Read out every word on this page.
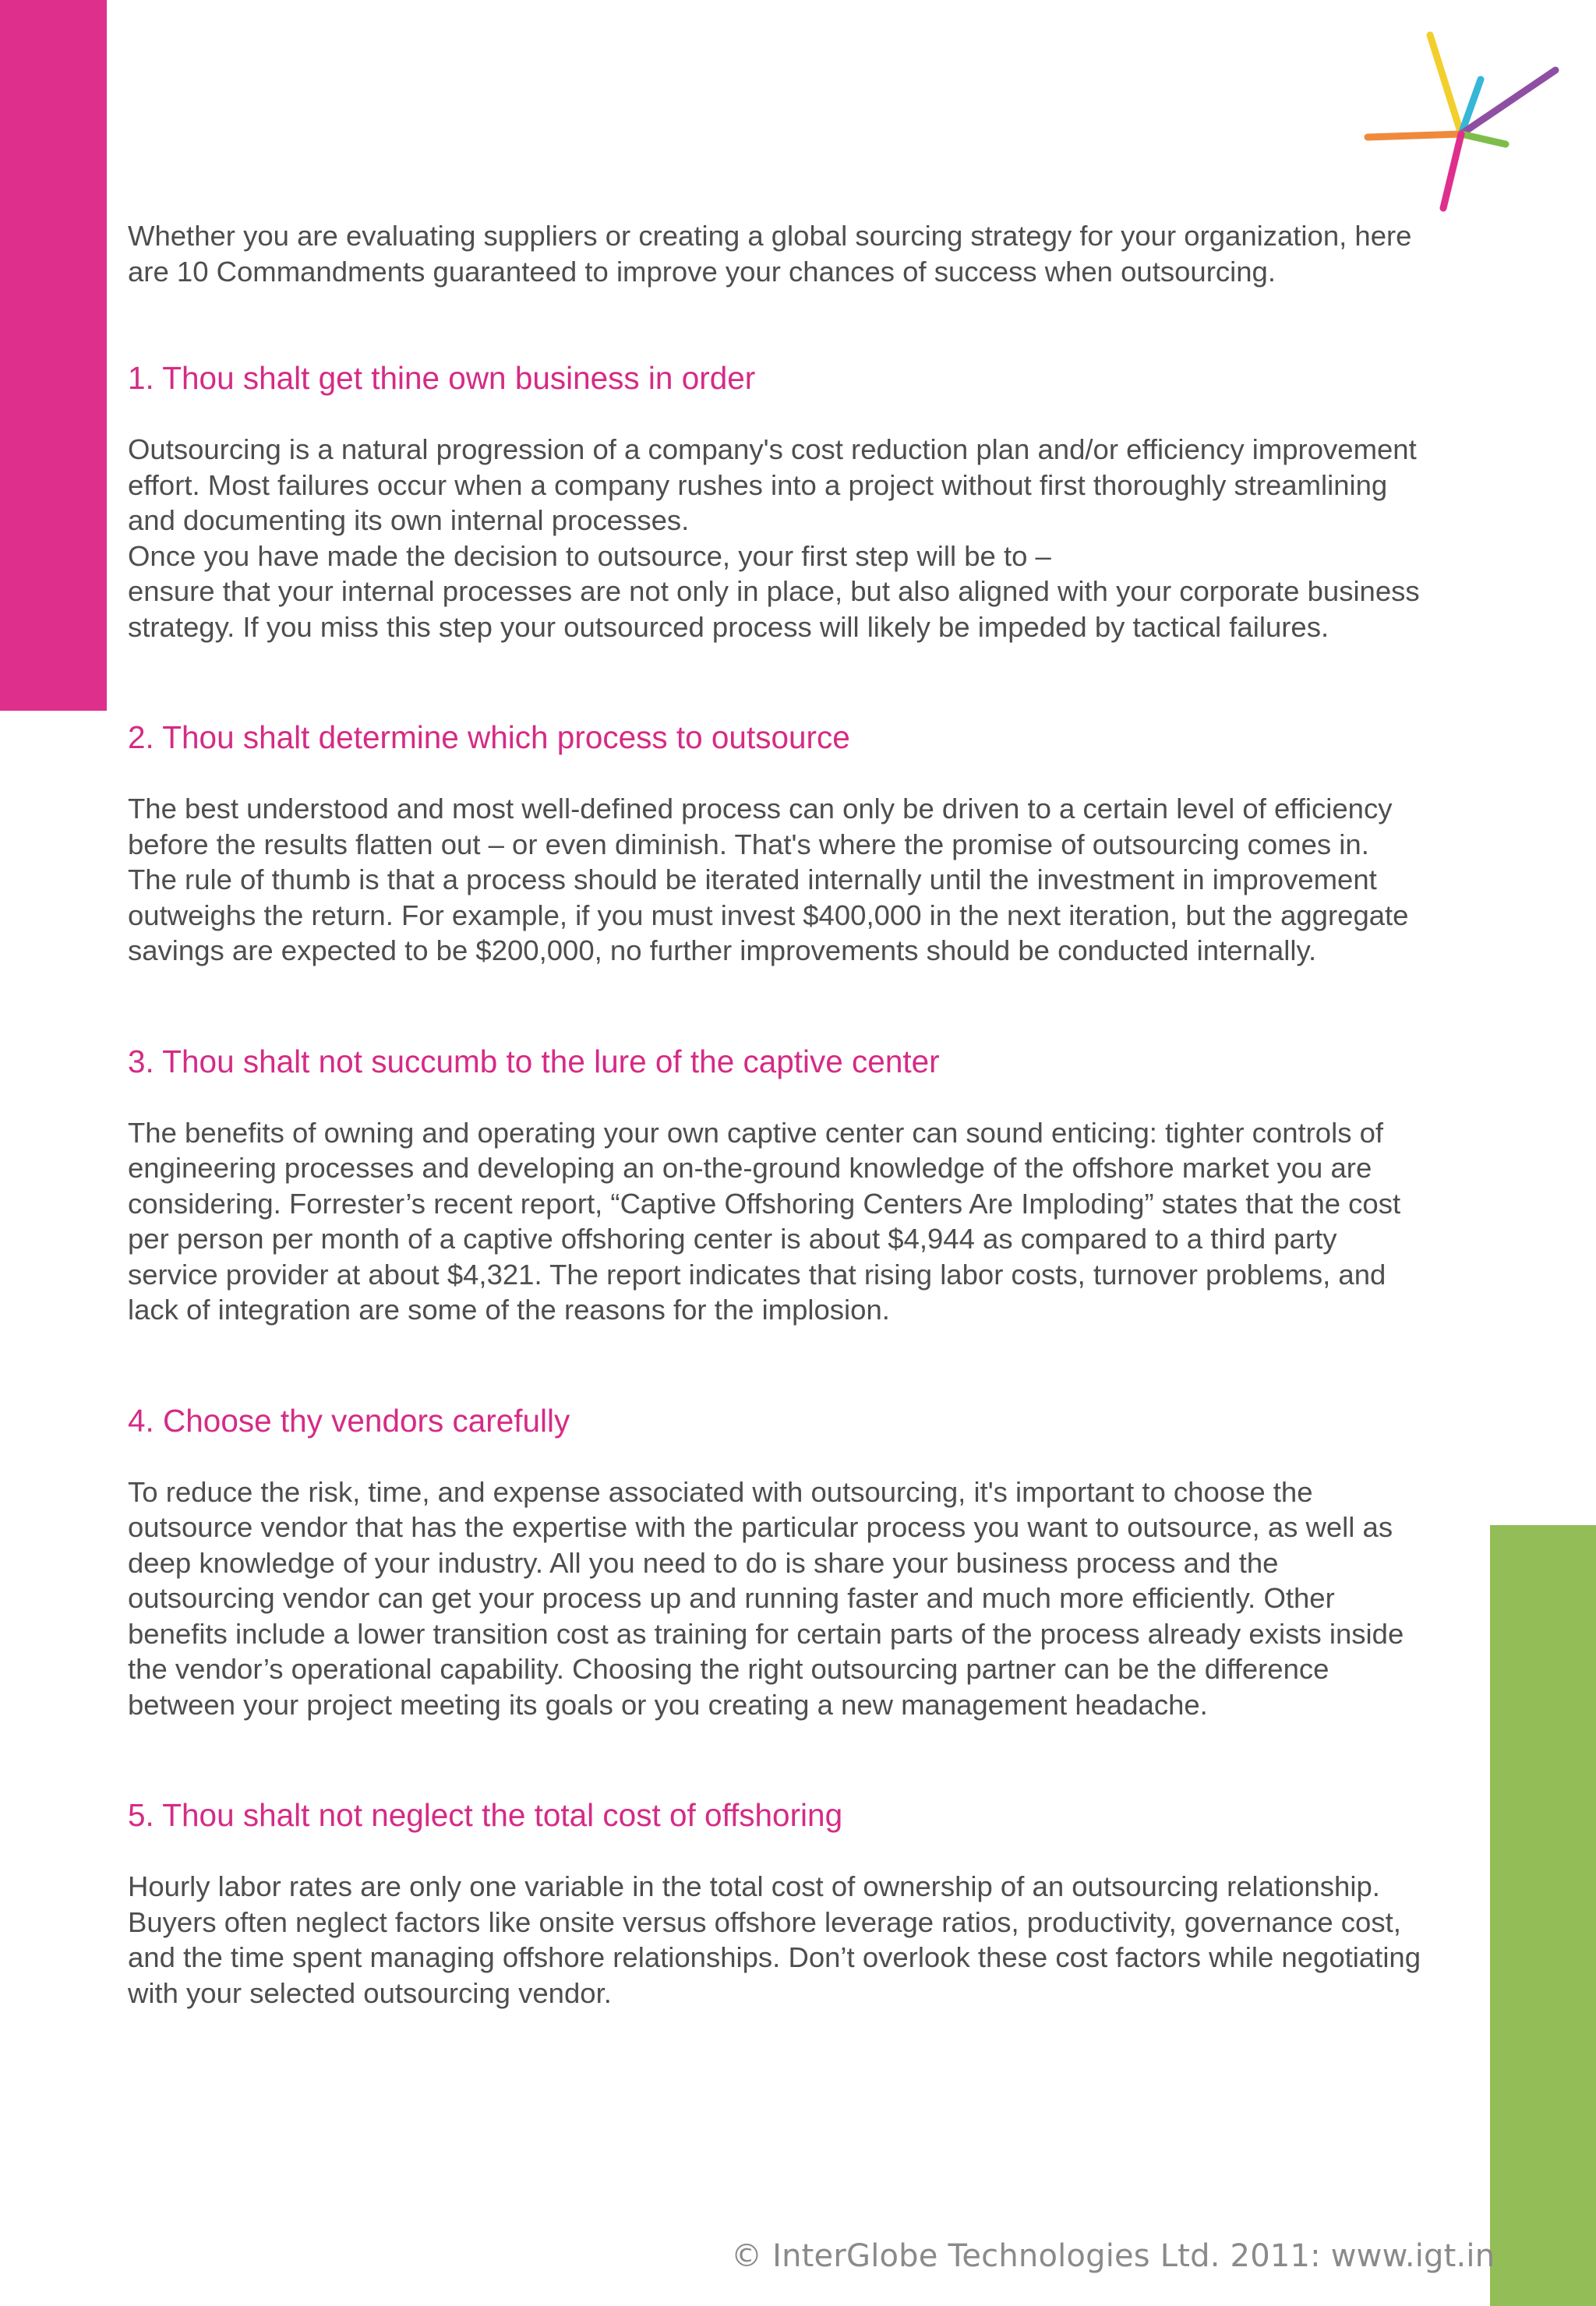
Whether you are evaluating suppliers or creating a global sourcing strategy for your organization, here
are 10 Commandments guaranteed to improve your chances of success when outsourcing.

1. Thou shalt get thine own business in order

Outsourcing is a natural progression of a company's cost reduction plan and/or efficiency improvement
effort. Most failures occur when a company rushes into a project without first thoroughly streamlining
and documenting its own internal processes.
Once you have made the decision to outsource, your first step will be to –
ensure that your internal processes are not only in place, but also aligned with your corporate business
strategy. If you miss this step your outsourced process will likely be impeded by tactical failures.

2. Thou shalt determine which process to outsource

The best understood and most well-defined process can only be driven to a certain level of efficiency
before the results flatten out – or even diminish. That's where the promise of outsourcing comes in.
The rule of thumb is that a process should be iterated internally until the investment in improvement
outweighs the return. For example, if you must invest $400,000 in the next iteration, but the aggregate
savings are expected to be $200,000, no further improvements should be conducted internally.

3. Thou shalt not succumb to the lure of the captive center

The benefits of owning and operating your own captive center can sound enticing: tighter controls of
engineering processes and developing an on-the-ground knowledge of the offshore market you are
considering. Forrester’s recent report, “Captive Offshoring Centers Are Imploding” states that the cost
per person per month of a captive offshoring center is about $4,944 as compared to a third party
service provider at about $4,321. The report indicates that rising labor costs, turnover problems, and
lack of integration are some of the reasons for the implosion.

4. Choose thy vendors carefully

To reduce the risk, time, and expense associated with outsourcing, it's important to choose the
outsource vendor that has the expertise with the particular process you want to outsource, as well as
deep knowledge of your industry. All you need to do is share your business process and the
outsourcing vendor can get your process up and running faster and much more efficiently. Other
benefits include a lower transition cost as training for certain parts of the process already exists inside
the vendor’s operational capability. Choosing the right outsourcing partner can be the difference
between your project meeting its goals or you creating a new management headache.

5. Thou shalt not neglect the total cost of offshoring

Hourly labor rates are only one variable in the total cost of ownership of an outsourcing relationship.
Buyers often neglect factors like onsite versus offshore leverage ratios, productivity, governance cost,
and the time spent managing offshore relationships. Don’t overlook these cost factors while negotiating
with your selected outsourcing vendor.

© InterGlobe Technologies Ltd. 2011: www.igt.in
